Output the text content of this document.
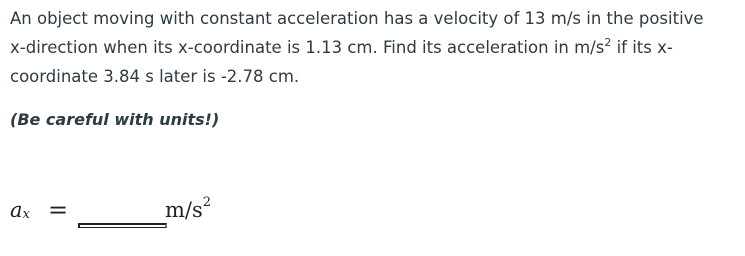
An object moving with constant acceleration has a velocity of 13 m/s in the positive
x-direction when its x-coordinate is 1.13 cm. Find its acceleration in $m/s^2$ if its x-
coordinate 3.84 s later is -2.78 cm.
(Be careful with units!)
$a_x$ =	$m/s^2$
